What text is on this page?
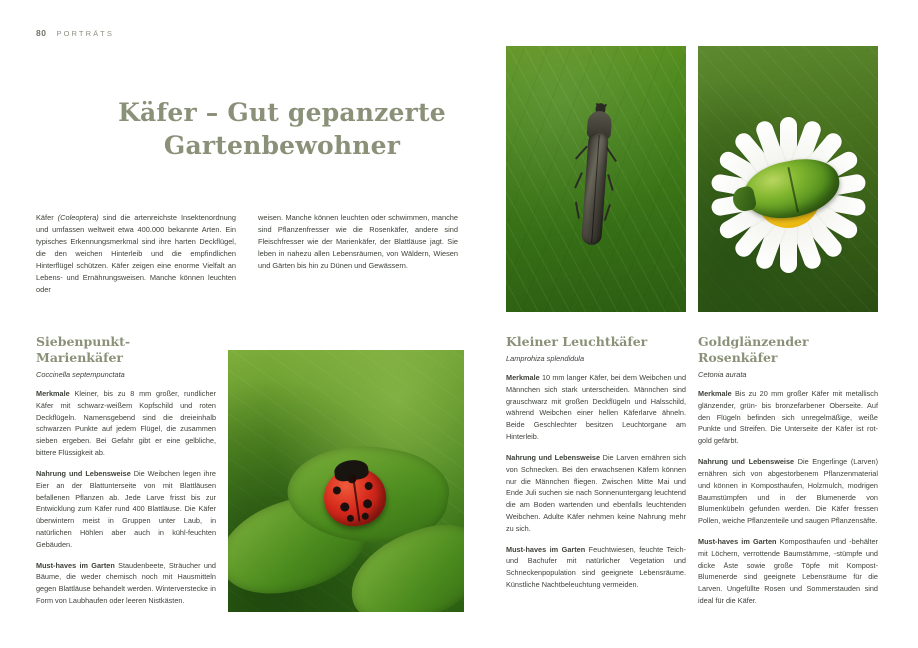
80 PORTRÄTS
Käfer – Gut gepanzerte Gartenbewohner
Käfer (Coleoptera) sind die artenreichste Insektenordnung und umfassen weltweit etwa 400.000 bekannte Arten. Ein typisches Erkennungsmerkmal sind ihre harten Deckflügel, die den weichen Hinterleib und die empfindlichen Hinterflügel schützen. Käfer zeigen eine enorme Vielfalt an Lebens- und Ernährungsweisen. Manche können leuchten oder
weisen. Manche können leuchten oder schwimmen, manche sind Pflanzenfresser wie die Rosenkäfer, andere sind Fleischfresser wie der Marienkäfer, der Blattläuse jagt. Sie leben in nahezu allen Lebensräumen, von Wäldern, Wiesen und Gärten bis hin zu Dünen und Gewässern.
Siebenpunkt-Marienkäfer
Coccinella septempunctata

Merkmale Kleiner, bis zu 8 mm großer, rundlicher Käfer mit schwarz-weißem Kopfschild und roten Deckflügeln. Namensgebend sind die dreieinhalb schwarzen Punkte auf jedem Flügel, die zusammen sieben ergeben. Bei Gefahr gibt er eine gelbliche, bittere Flüssigkeit ab.

Nahrung und Lebensweise Die Weibchen legen ihre Eier an der Blattunterseite von mit Blattläusen befallenen Pflanzen ab. Jede Larve frisst bis zur Entwicklung zum Käfer rund 400 Blattläuse. Die Käfer überwintern meist in Gruppen unter Laub, in natürlichen Höhlen aber auch in kühl-feuchten Gebäuden.

Must-haves im Garten Staudenbeete, Sträucher und Bäume, die weder chemisch noch mit Hausmitteln gegen Blattläuse behandelt werden. Winterverstecke in Form von Laubhaufen oder leeren Nistkästen.

Kleiner Leuchtkäfer
Lamprohiza splendidula

Merkmale 10 mm langer Käfer, bei dem Weibchen und Männchen sich stark unterscheiden. Männchen sind grauschwarz mit großen Deckflügeln und Halsschild, während Weibchen einer hellen Käferlarve ähneln. Beide Geschlechter besitzen Leuchtorgane am Hinterleib.

Nahrung und Lebensweise Die Larven ernähren sich von Schnecken. Bei den erwachsenen Käfern können nur die Männchen fliegen. Zwischen Mitte Mai und Ende Juli suchen sie nach Sonnenuntergang leuchtend die am Boden wartenden und ebenfalls leuchtenden Weibchen. Adulte Käfer nehmen keine Nahrung mehr zu sich.

Must-haves im Garten Feuchtwiesen, feuchte Teich- und Bachufer mit natürlicher Vegetation und Schneckenpopulation sind geeignete Lebensräume. Künstliche Nachtbeleuchtung vermeiden.

Goldglänzender Rosenkäfer
Cetonia aurata

Merkmale Bis zu 20 mm großer Käfer mit metallisch glänzender, grün- bis bronzefarbener Oberseite. Auf den Flügeln befinden sich unregelmäßige, weiße Punkte und Streifen. Die Unterseite der Käfer ist rot-gold gefärbt.

Nahrung und Lebensweise Die Engerlinge (Larven) ernähren sich von abgestorbenem Pflanzenmaterial und können in Komposthaufen, Holzmulch, modrigen Baumstümpfen und in der Blumenerde von Blumenkübeln gefunden werden. Die Käfer fressen Pollen, weiche Pflanzenteile und saugen Pflanzensäfte.

Must-haves im Garten Komposthaufen und -behälter mit Löchern, verrottende Baumstämme, -stümpfe und dicke Äste sowie große Töpfe mit Kompost-Blumenerde sind geeignete Lebensräume für die Larven. Ungefüllte Rosen und Sommerstauden sind ideal für die Käfer.
